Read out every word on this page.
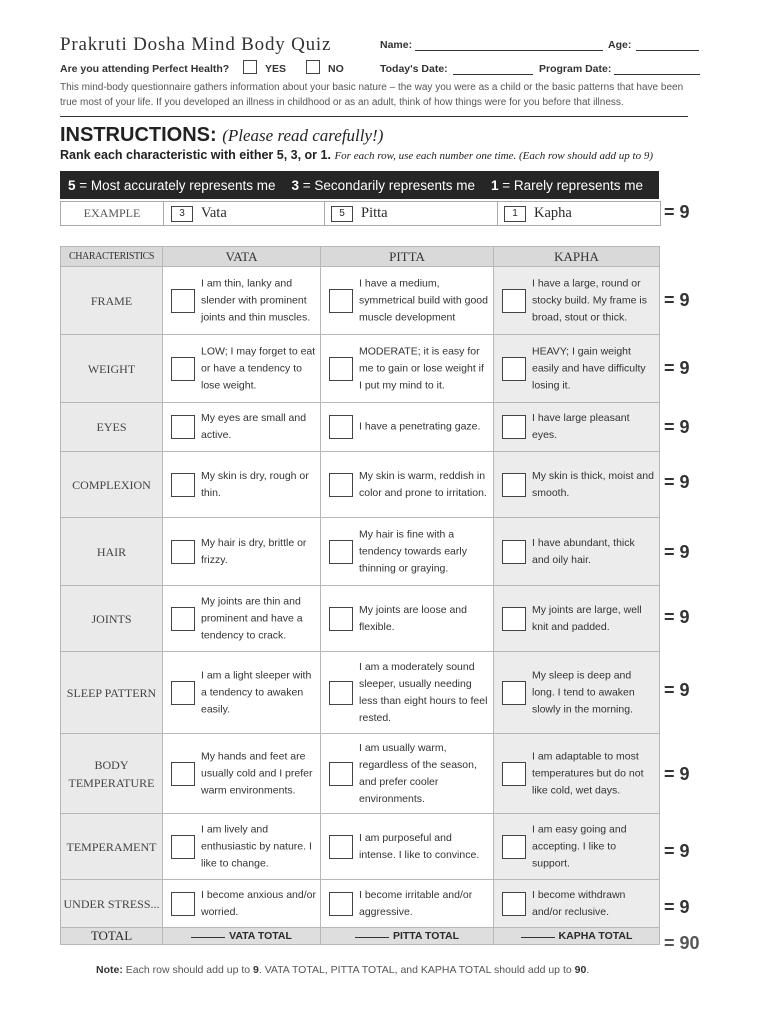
Prakruti Dosha Mind Body Quiz	Name:	Age:
Are you attending Perfect Health?	YES	NO	Today's Date:	Program Date:
This mind-body questionnaire gathers information about your basic nature – the way you were as a child or the basic patterns that have been true most of your life. If you developed an illness in childhood or as an adult, think of how things were for you before that illness.
INSTRUCTIONS: (Please read carefully!)
Rank each characteristic with either 5, 3, or 1. For each row, use each number one time. (Each row should add up to 9)
5 = Most accurately represents me 3 = Secondarily represents me 1 = Rarely represents me
EXAMPLE	3	Vata	5	Pitta	1	Kapha	= 9
CHARACTERISTICS	VATA	PITTA	KAPHA
FRAME	I am thin, lanky and slender with prominent joints and thin muscles.	I have a medium, symmetrical build with good muscle development	I have a large, round or stocky build. My frame is broad, stout or thick.

WEIGHT	LOW; I may forget to eat or have a tendency to lose weight.	MODERATE; it is easy for me to gain or lose weight if I put my mind to it.	HEAVY; I gain weight easily and have difficulty losing it.

EYES	My eyes are small and active.	I have a penetrating gaze.	I have large pleasant eyes.

COMPLEXION	My skin is dry, rough or thin.	My skin is warm, reddish in color and prone to irritation.	My skin is thick, moist and smooth.

HAIR	My hair is dry, brittle or frizzy.	My hair is fine with a tendency towards early thinning or graying.	I have abundant, thick and oily hair.

JOINTS	My joints are thin and prominent and have a tendency to crack.	My joints are loose and flexible.	My joints are large, well knit and padded.

SLEEP PATTERN	I am a light sleeper with a tendency to awaken easily.	I am a moderately sound sleeper, usually needing less than eight hours to feel rested.	My sleep is deep and long. I tend to awaken slowly in the morning.

BODY TEMPERATURE	My hands and feet are usually cold and I prefer warm environments.	I am usually warm, regardless of the season, and prefer cooler environments.	I am adaptable to most temperatures but do not like cold, wet days.

TEMPERAMENT	I am lively and enthusiastic by nature. I like to change.	I am purposeful and intense. I like to convince.	I am easy going and accepting. I like to support.

UNDER STRESS...	I become anxious and/or worried.	I become irritable and/or aggressive.	I become withdrawn and/or reclusive.

TOTAL	VATA TOTAL	PITTA TOTAL	KAPHA TOTAL
= 9
= 9
= 9
= 9
= 9
= 9
= 9
= 9
= 9
= 9
= 90
Note: Each row should add up to 9. VATA TOTAL, PITTA TOTAL, and KAPHA TOTAL should add up to 90.
